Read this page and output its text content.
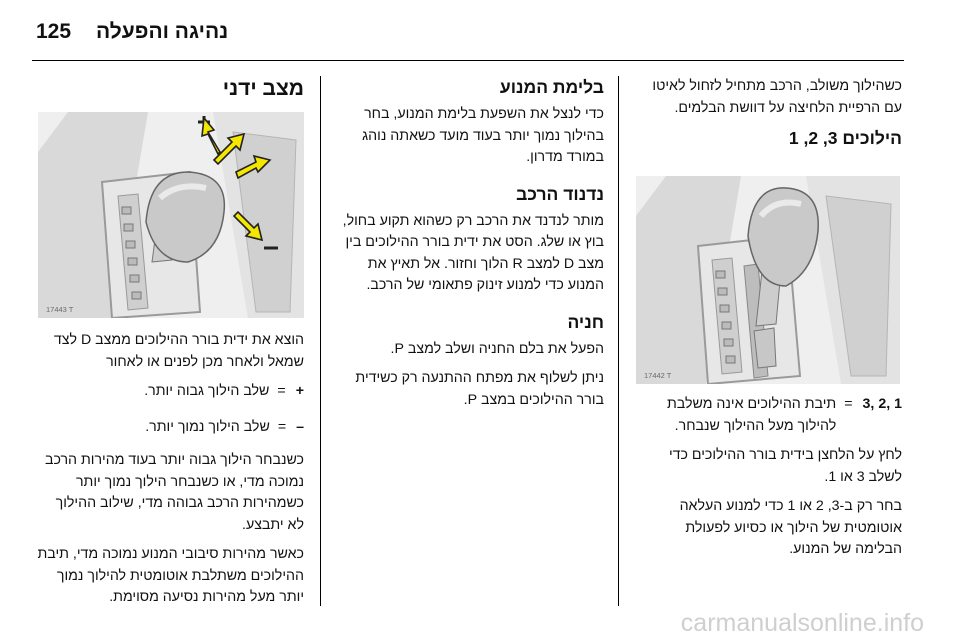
125 נהיגה והפעלה

כשהילוך משולב, הרכב מתחיל לזחול לאיטו עם הרפיית הלחיצה על דוושת הבלמים.

הילוכים 3, 2, 1
17442 T
3, 2, 1
=
תיבת ההילוכים אינה משלבת להילוך מעל ההילוך שנבחר.

לחץ על הלחצן בידית בורר ההילוכים כדי לשלב 3 או 1.

בחר רק ב-3, 2 או 1 כדי למנוע העלאה אוטומטית של הילוך או כסיוע לפעולת הבלימה של המנוע.

בלימת המנוע

כדי לנצל את השפעת בלימת המנוע, בחר בהילוך נמוך יותר בעוד מועד כשאתה נוהג במורד מדרון.

נדנוד הרכב

מותר לנדנד את הרכב רק כשהוא תקוע בחול, בוץ או שלג. הסט את ידית בורר ההילוכים בין מצב D למצב R הלוך וחזור. אל תאיץ את המנוע כדי למנוע זינוק פתאומי של הרכב.

חניה

הפעל את בלם החניה ושלב למצב P.

ניתן לשלוף את מפתח ההתנעה רק כשידית בורר ההילוכים במצב P.

מצב ידני
17443 T

הוצא את ידית בורר ההילוכים ממצב D לצד שמאל ולאחר מכן לפנים או לאחור

+
=
שלב הילוך גבוה יותר.
–
=
שלב הילוך נמוך יותר.

כשנבחר הילוך גבוה יותר בעוד מהירות הרכב נמוכה מדי, או כשנבחר הילוך נמוך יותר כשמהירות הרכב גבוהה מדי, שילוב ההילוך לא יתבצע.

כאשר מהירות סיבובי המנוע נמוכה מדי, תיבת ההילוכים משתלבת אוטומטית להילוך נמוך יותר מעל מהירות נסיעה מסוימת.

carmanualsonline.info
